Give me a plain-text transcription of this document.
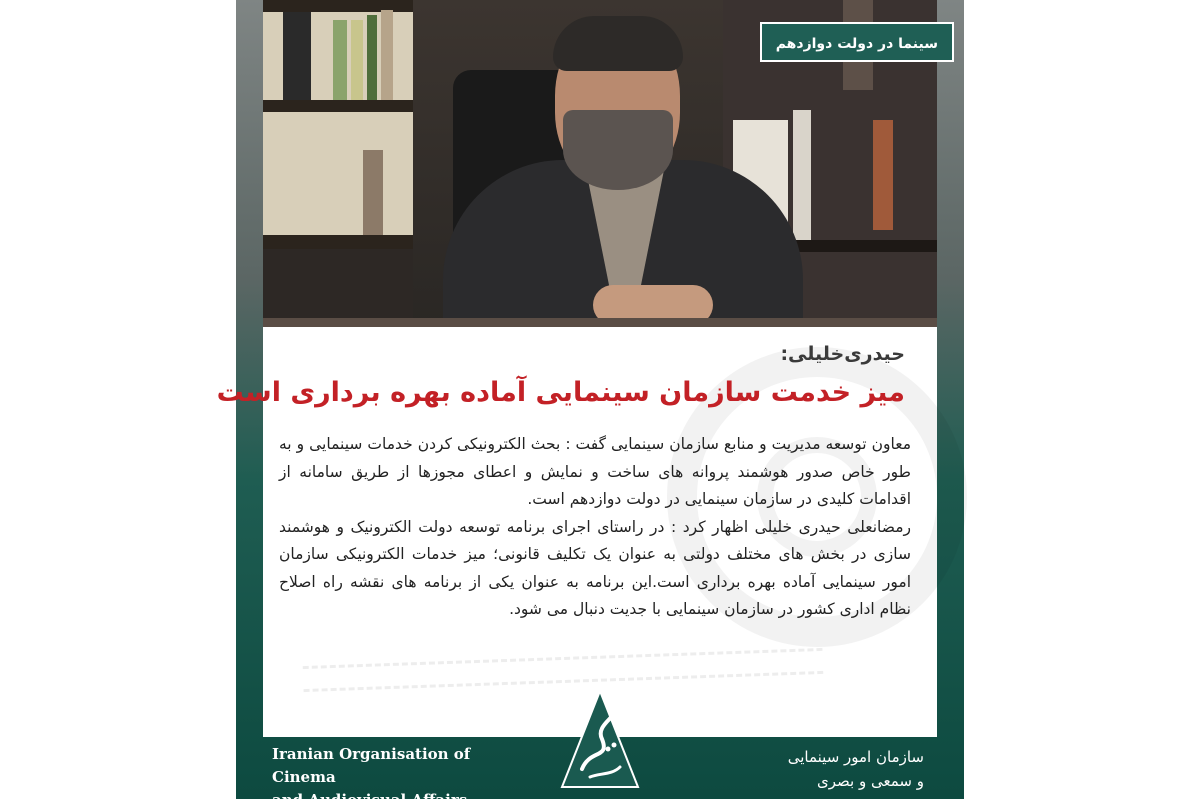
سینما در دولت دوازدهم
حیدری‌خلیلی:
میز خدمت سازمان سینمایی آماده بهره برداری است

معاون توسعه مدیریت و منابع سازمان سینمایی گفت : بحث الکترونیکی کردن خدمات سینمایی و به طور خاص صدور هوشمند پروانه های ساخت و نمایش و اعطای مجوزها از طریق سامانه از اقدامات کلیدی در سازمان سینمایی در دولت دوازدهم است.

رمضانعلی حیدری خلیلی اظهار کرد : در راستای اجرای برنامه توسعه دولت الکترونیک و هوشمند سازی در بخش های مختلف دولتی به عنوان یک تکلیف قانونی؛ میز خدمات الکترونیکی سازمان امور سینمایی آماده بهره برداری است.این برنامه به عنوان یکی از برنامه های نقشه راه اصلاح نظام اداری کشور در سازمان سینمایی با جدیت دنبال می شود.

Iranian Organisation of Cinema
and Audiovisual Affairs
سازمان امور سینمایی
و سمعی و بصری
